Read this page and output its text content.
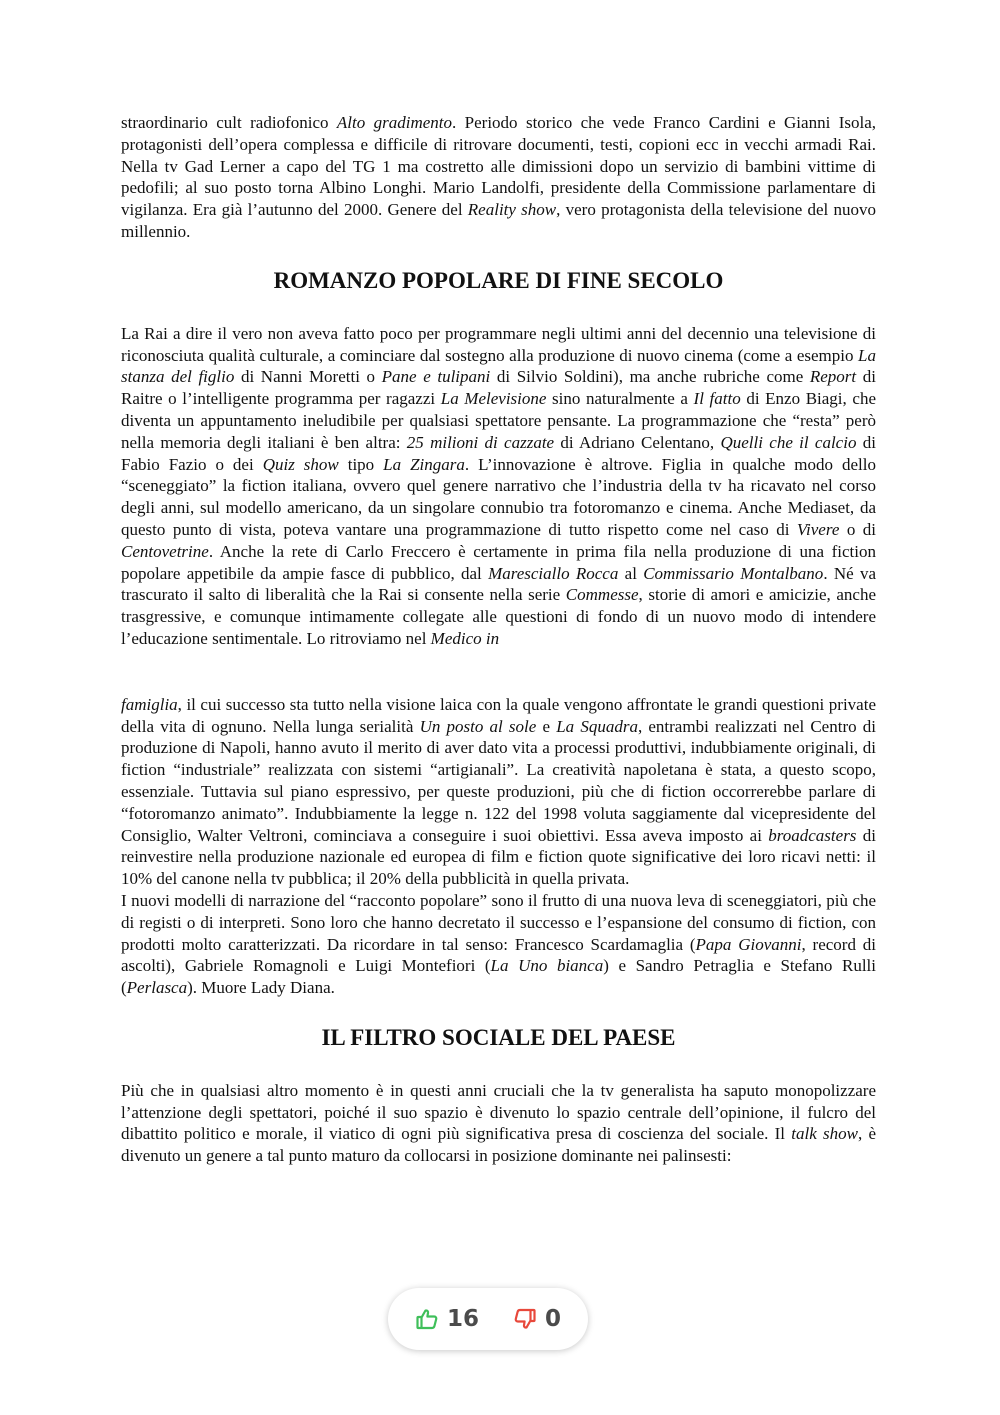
straordinario cult radiofonico Alto gradimento. Periodo storico che vede Franco Cardini e Gianni Isola, protagonisti dell’opera complessa e difficile di ritrovare documenti, testi, copioni ecc in vecchi armadi Rai. Nella tv Gad Lerner a capo del TG 1 ma costretto alle dimissioni dopo un servizio di bambini vittime di pedofili; al suo posto torna Albino Longhi. Mario Landolfi, presidente della Commissione parlamentare di vigilanza. Era già l’autunno del 2000. Genere del Reality show, vero protagonista della televisione del nuovo millennio.

ROMANZO POPOLARE DI FINE SECOLO

La Rai a dire il vero non aveva fatto poco per programmare negli ultimi anni del decennio una televisione di riconosciuta qualità culturale, a cominciare dal sostegno alla produzione di nuovo cinema (come a esempio La stanza del figlio di Nanni Moretti o Pane e tulipani di Silvio Soldini), ma anche rubriche come Report di Raitre o l’intelligente programma per ragazzi La Melevisione sino naturalmente a Il fatto di Enzo Biagi, che diventa un appuntamento ineludibile per qualsiasi spettatore pensante. La programmazione che “resta” però nella memoria degli italiani è ben altra: 25 milioni di cazzate di Adriano Celentano, Quelli che il calcio di Fabio Fazio o dei Quiz show tipo La Zingara. L’innovazione è altrove. Figlia in qualche modo dello “sceneggiato” la fiction italiana, ovvero quel genere narrativo che l’industria della tv ha ricavato nel corso degli anni, sul modello americano, da un singolare connubio tra fotoromanzo e cinema. Anche Mediaset, da questo punto di vista, poteva vantare una programmazione di tutto rispetto come nel caso di Vivere o di Centovetrine. Anche la rete di Carlo Freccero è certamente in prima fila nella produzione di una fiction popolare appetibile da ampie fasce di pubblico, dal Maresciallo Rocca al Commissario Montalbano. Né va trascurato il salto di liberalità che la Rai si consente nella serie Commesse, storie di amori e amicizie, anche trasgressive, e comunque intimamente collegate alle questioni di fondo di un nuovo modo di intendere l’educazione sentimentale. Lo ritroviamo nel Medico in

famiglia, il cui successo sta tutto nella visione laica con la quale vengono affrontate le grandi questioni private della vita di ognuno. Nella lunga serialità Un posto al sole e La Squadra, entrambi realizzati nel Centro di produzione di Napoli, hanno avuto il merito di aver dato vita a processi produttivi, indubbiamente originali, di fiction “industriale” realizzata con sistemi “artigianali”. La creatività napoletana è stata, a questo scopo, essenziale. Tuttavia sul piano espressivo, per queste produzioni, più che di fiction occorrerebbe parlare di “fotoromanzo animato”. Indubbiamente la legge n. 122 del 1998 voluta saggiamente dal vicepresidente del Consiglio, Walter Veltroni, cominciava a conseguire i suoi obiettivi. Essa aveva imposto ai broadcasters di reinvestire nella produzione nazionale ed europea di film e fiction quote significative dei loro ricavi netti: il 10% del canone nella tv pubblica; il 20% della pubblicità in quella privata.

I nuovi modelli di narrazione del “racconto popolare” sono il frutto di una nuova leva di sceneggiatori, più che di registi o di interpreti. Sono loro che hanno decretato il successo e l’espansione del consumo di fiction, con prodotti molto caratterizzati. Da ricordare in tal senso: Francesco Scardamaglia (Papa Giovanni, record di ascolti), Gabriele Romagnoli e Luigi Montefiori (La Uno bianca) e Sandro Petraglia e Stefano Rulli (Perlasca). Muore Lady Diana.

IL FILTRO SOCIALE DEL PAESE

Più che in qualsiasi altro momento è in questi anni cruciali che la tv generalista ha saputo monopolizzare l’attenzione degli spettatori, poiché il suo spazio è divenuto lo spazio centrale dell’opinione, il fulcro del dibattito politico e morale, il viatico di ogni più significativa presa di coscienza del sociale. Il talk show, è divenuto un genere a tal punto maturo da collocarsi in posizione dominante nei palinsesti:

16	0
